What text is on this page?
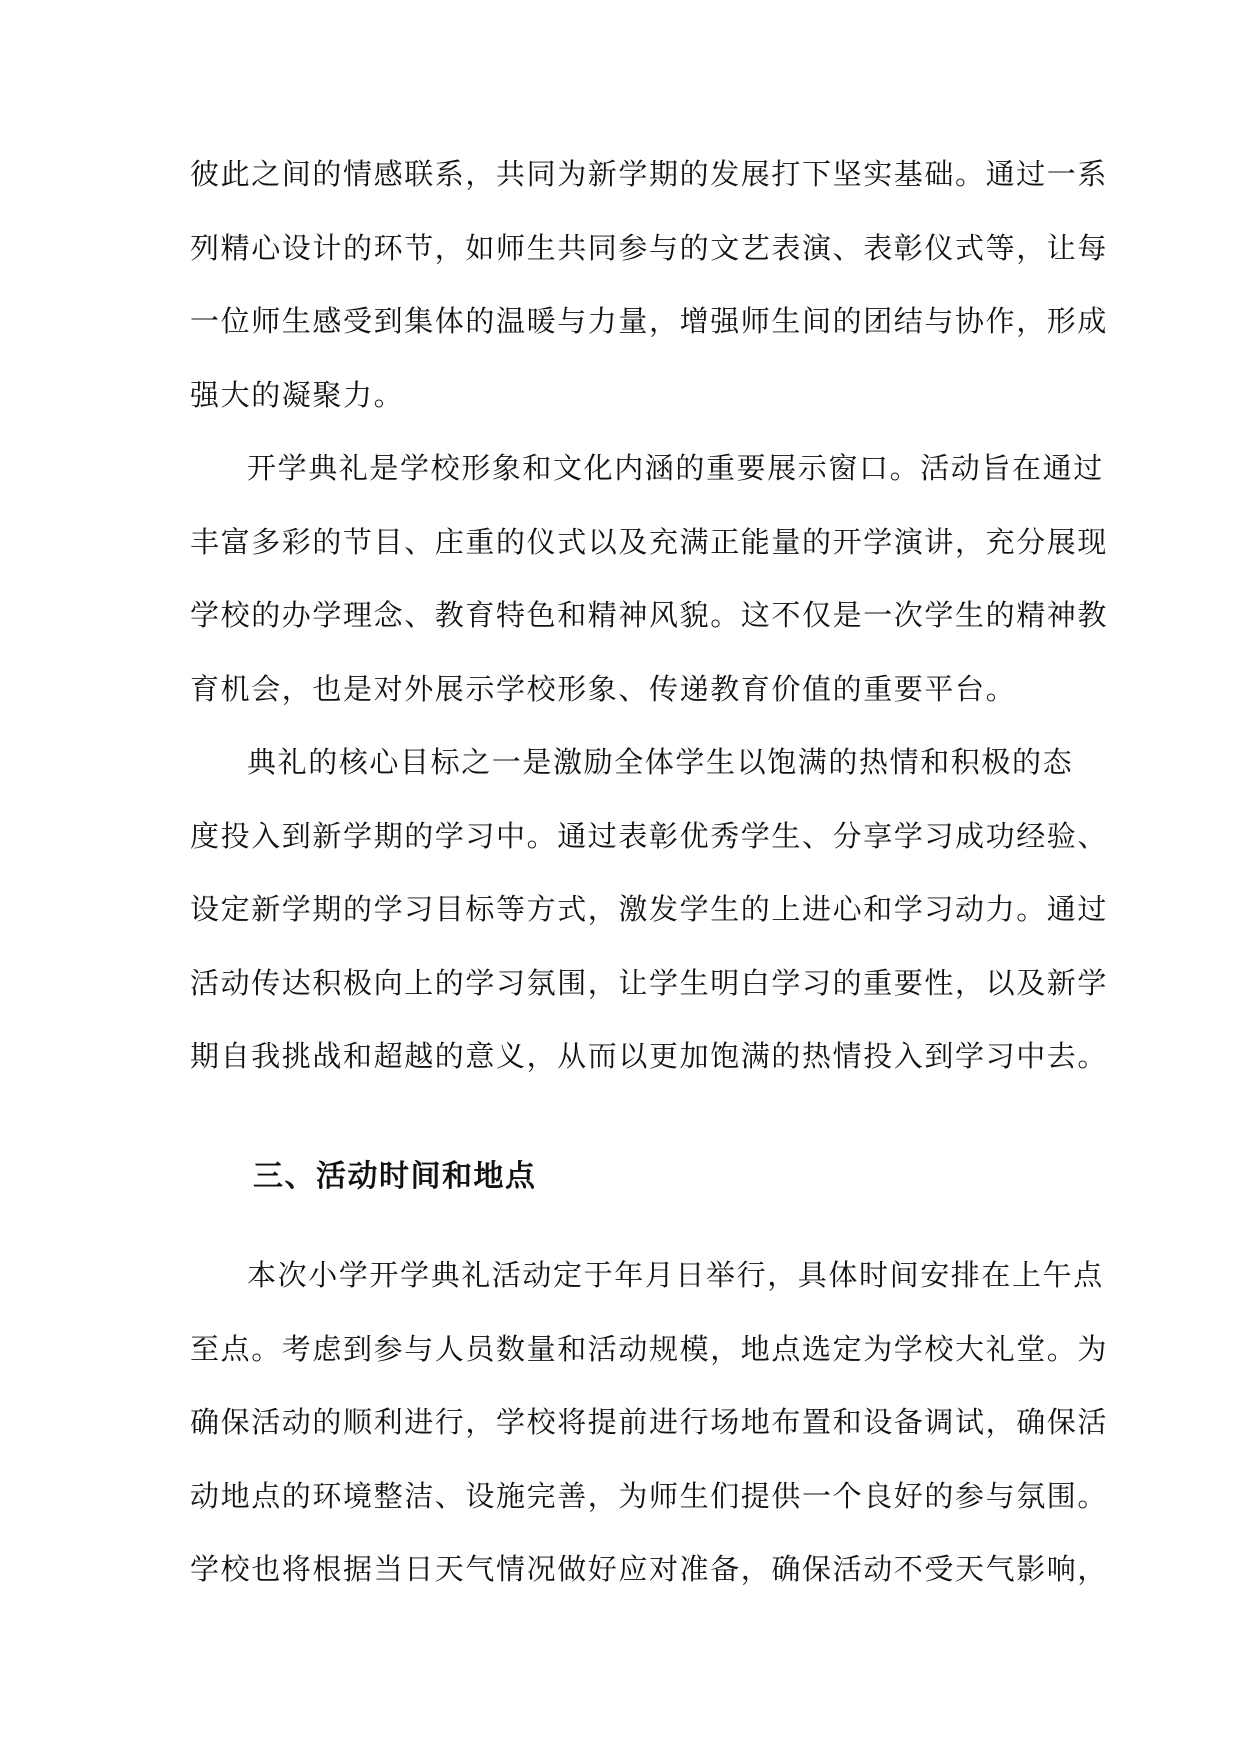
彼此之间的情感联系，共同为新学期的发展打下坚实基础。通过一系
列精心设计的环节，如师生共同参与的文艺表演、表彰仪式等，让每
一位师生感受到集体的温暖与力量，增强师生间的团结与协作，形成
强大的凝聚力。
开学典礼是学校形象和文化内涵的重要展示窗口。活动旨在通过
丰富多彩的节目、庄重的仪式以及充满正能量的开学演讲，充分展现
学校的办学理念、教育特色和精神风貌。这不仅是一次学生的精神教
育机会，也是对外展示学校形象、传递教育价值的重要平台。
典礼的核心目标之一是激励全体学生以饱满的热情和积极的态
度投入到新学期的学习中。通过表彰优秀学生、分享学习成功经验、
设定新学期的学习目标等方式，激发学生的上进心和学习动力。通过
活动传达积极向上的学习氛围，让学生明白学习的重要性，以及新学
期自我挑战和超越的意义，从而以更加饱满的热情投入到学习中去。
三、活动时间和地点
本次小学开学典礼活动定于年月日举行，具体时间安排在上午点
至点。考虑到参与人员数量和活动规模，地点选定为学校大礼堂。为
确保活动的顺利进行，学校将提前进行场地布置和设备调试，确保活
动地点的环境整洁、设施完善，为师生们提供一个良好的参与氛围。
学校也将根据当日天气情况做好应对准备，确保活动不受天气影响，
